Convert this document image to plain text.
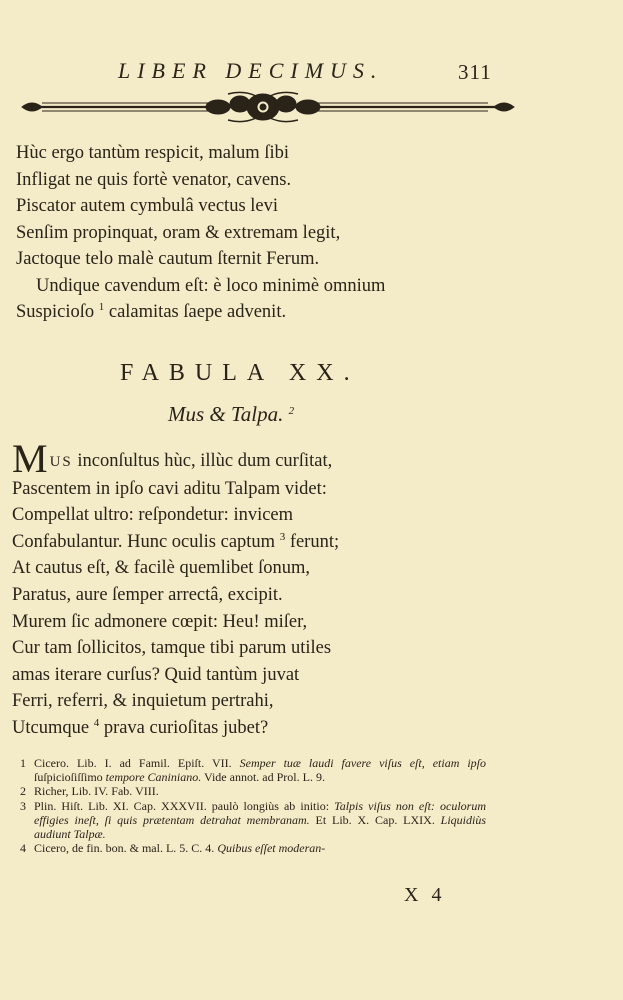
LIBER DECIMUS.	311
Hùc ergo tantùm respicit, malum ſibi
Infligat ne quis fortè venator, cavens.
Piscator autem cymbulâ vectus levi
Senſim propinquat, oram & extremam legit,
Jactoque telo malè cautum ſternit Ferum.
Undique cavendum eſt: è loco minimè omnium
Suspicioſo $^1$ calamitas ſaepe advenit.
FABULA XX.
Mus & Talpa. $^2$
MUS inconſultus hùc, illùc dum curſitat,
Pascentem in ipſo cavi aditu Talpam videt:
Compellat ultro: reſpondetur: invicem
Confabulantur. Hunc oculis captum $^3$ ferunt;
At cautus eſt, & facilè quemlibet ſonum,
Paratus, aure ſemper arrectâ, excipit.
Murem ſic admonere cœpit: Heu! miſer,
Cur tam ſollicitos, tamque tibi parum utiles
amas iterare curſus? Quid tantùm juvat
Ferri, referri, & inquietum pertrahi,
Utcumque $^4$ prava curioſitas jubet?
1 Cicero. Lib. I. ad Famil. Epiſt. VII. Semper tuæ laudi favere viſus eſt, etiam ipſo ſuſpicioſiſſimo tempore Caniniano. Vide annot. ad Prol. L. 9.
2 Richer, Lib. IV. Fab. VIII.
3 Plin. Hiſt. Lib. XI. Cap. XXXVII. paulò longiùs ab initio: Talpis viſus non eſt: oculorum effigies ineſt, ſi quis prætentam detrahat membranam. Et Lib. X. Cap. LXIX. Liquidiùs audiunt Talpæ.
4 Cicero, de fin. bon. & mal. L. 5. C. 4. Quibus eſſet moderan-
X 4
